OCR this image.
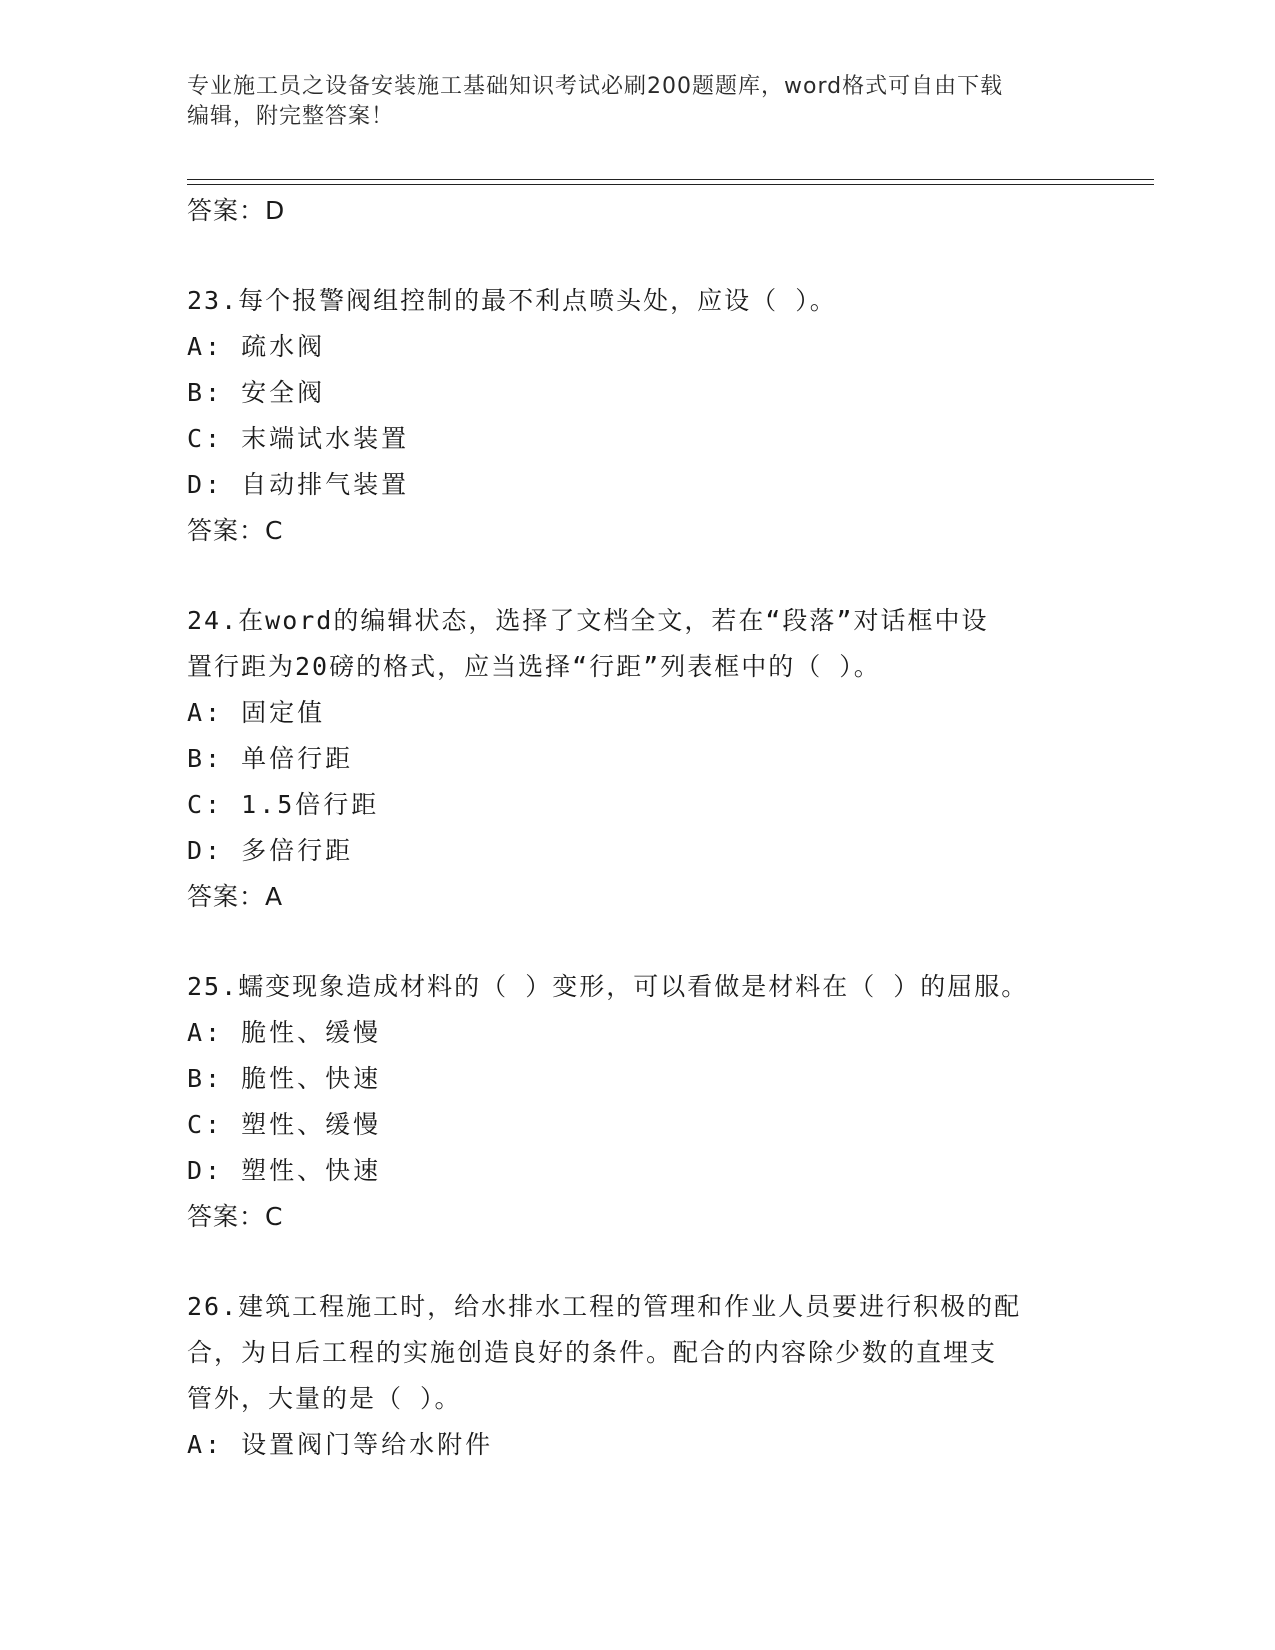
专业施工员之设备安装施工基础知识考试必刷200题题库，word格式可自由下载
编辑，附完整答案！
答案：D
23.每个报警阀组控制的最不利点喷头处，应设（ ）。
A: 疏水阀
B: 安全阀
C: 末端试水装置
D: 自动排气装置
答案：C
24.在word的编辑状态，选择了文档全文，若在“段落”对话框中设
置行距为20磅的格式，应当选择“行距”列表框中的（ ）。
A: 固定值
B: 单倍行距
C: 1.5倍行距
D: 多倍行距
答案：A
25.蠕变现象造成材料的（ ）变形，可以看做是材料在（ ）的屈服。
A: 脆性、缓慢
B: 脆性、快速
C: 塑性、缓慢
D: 塑性、快速
答案：C
26.建筑工程施工时，给水排水工程的管理和作业人员要进行积极的配
合，为日后工程的实施创造良好的条件。配合的内容除少数的直埋支
管外，大量的是（ ）。
A: 设置阀门等给水附件
